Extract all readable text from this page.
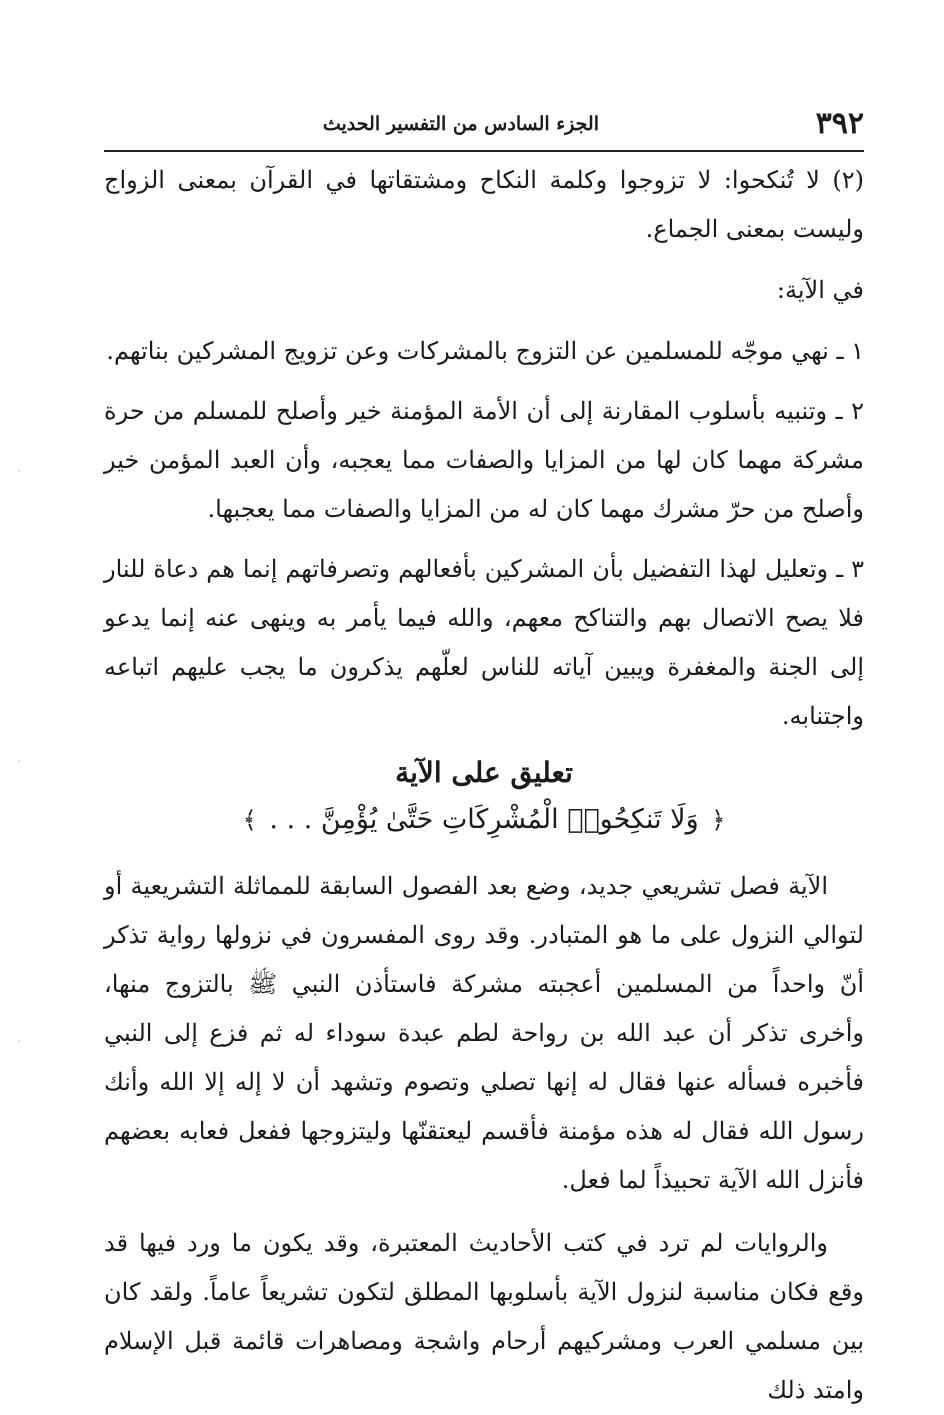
٣٩٢
الجزء السادس من التفسير الحديث

(٢) لا تُنكحوا: لا تزوجوا وكلمة النكاح ومشتقاتها في القرآن بمعنى الزواج وليست بمعنى الجماع.

في الآية:

١ ـ نهي موجّه للمسلمين عن التزوج بالمشركات وعن تزويج المشركين بناتهم.

٢ ـ وتنبيه بأسلوب المقارنة إلى أن الأمة المؤمنة خير وأصلح للمسلم من حرة مشركة مهما كان لها من المزايا والصفات مما يعجبه، وأن العبد المؤمن خير وأصلح من حرّ مشرك مهما كان له من المزايا والصفات مما يعجبها.

٣ ـ وتعليل لهذا التفضيل بأن المشركين بأفعالهم وتصرفاتهم إنما هم دعاة للنار فلا يصح الاتصال بهم والتناكح معهم، والله فيما يأمر به وينهى عنه إنما يدعو إلى الجنة والمغفرة ويبين آياته للناس لعلّهم يذكرون ما يجب عليهم اتباعه واجتنابه.

تعليق على الآية
﴿ وَلَا تَنكِحُوا۟ الْمُشْرِكَاتِ حَتَّىٰ يُؤْمِنَّ . . . ﴾

الآية فصل تشريعي جديد، وضع بعد الفصول السابقة للمماثلة التشريعية أو لتوالي النزول على ما هو المتبادر. وقد روى المفسرون في نزولها رواية تذكر أنّ واحداً من المسلمين أعجبته مشركة فاستأذن النبي ﷺ بالتزوج منها، وأخرى تذكر أن عبد الله بن رواحة لطم عبدة سوداء له ثم فزع إلى النبي فأخبره فسأله عنها فقال له إنها تصلي وتصوم وتشهد أن لا إله إلا الله وأنك رسول الله فقال له هذه مؤمنة فأقسم ليعتقنّها وليتزوجها ففعل فعابه بعضهم فأنزل الله الآية تحبيذاً لما فعل.

والروايات لم ترد في كتب الأحاديث المعتبرة، وقد يكون ما ورد فيها قد وقع فكان مناسبة لنزول الآية بأسلوبها المطلق لتكون تشريعاً عاماً. ولقد كان بين مسلمي العرب ومشركيهم أرحام واشجة ومصاهرات قائمة قبل الإسلام وامتد ذلك
